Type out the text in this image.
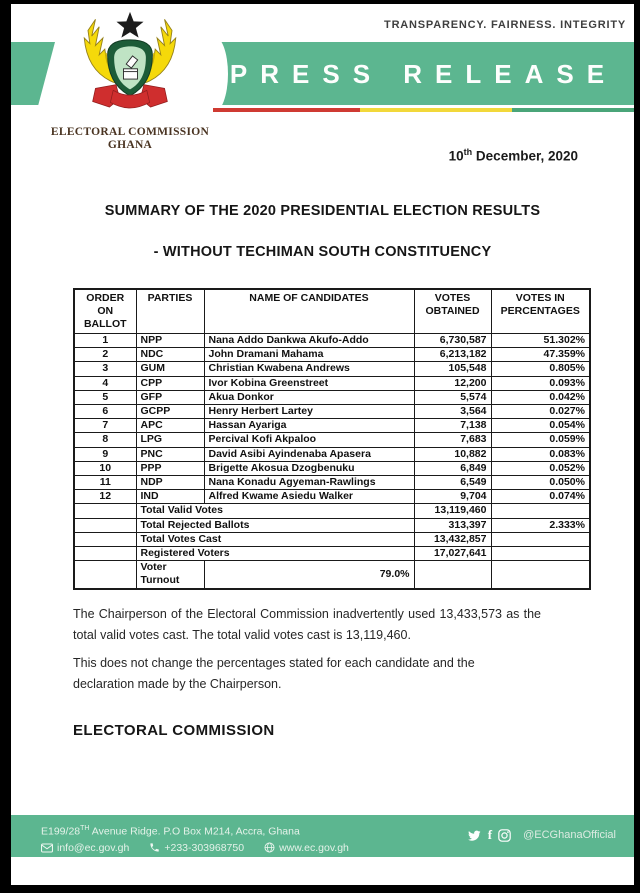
TRANSPARENCY. FAIRNESS. INTEGRITY
PRESS RELEASE
ELECTORAL COMMISSION
GHANA
10th December, 2020
SUMMARY OF THE 2020 PRESIDENTIAL ELECTION RESULTS
- WITHOUT TECHIMAN SOUTH CONSTITUENCY
ORDER ON BALLOT	PARTIES	NAME OF CANDIDATES	VOTES OBTAINED	VOTES IN PERCENTAGES
1	NPP	Nana Addo Dankwa Akufo-Addo	6,730,587	51.302%
2	NDC	John Dramani Mahama	6,213,182	47.359%
3	GUM	Christian Kwabena Andrews	105,548	0.805%
4	CPP	Ivor Kobina Greenstreet	12,200	0.093%
5	GFP	Akua Donkor	5,574	0.042%
6	GCPP	Henry Herbert Lartey	3,564	0.027%
7	APC	Hassan Ayariga	7,138	0.054%
8	LPG	Percival Kofi Akpaloo	7,683	0.059%
9	PNC	David Asibi Ayindenaba Apasera	10,882	0.083%
10	PPP	Brigette Akosua Dzogbenuku	6,849	0.052%
11	NDP	Nana Konadu Agyeman-Rawlings	6,549	0.050%
12	IND	Alfred Kwame Asiedu Walker	9,704	0.074%
	Total Valid Votes		13,119,460	
	Total Rejected Ballots		313,397	2.333%
	Total Votes Cast		13,432,857	
	Registered Voters		17,027,641	
	Voter Turnout	79.0%		
The Chairperson of the Electoral Commission inadvertently used 13,433,573 as the total valid votes cast. The total valid votes cast is 13,119,460.
This does not change the percentages stated for each candidate and the declaration made by the Chairperson.
ELECTORAL COMMISSION
E199/28TH Avenue Ridge. P.O Box M214, Accra, Ghana
info@ec.gov.gh	+233-303968750	www.ec.gov.gh
f	@ECGhanaOfficial
